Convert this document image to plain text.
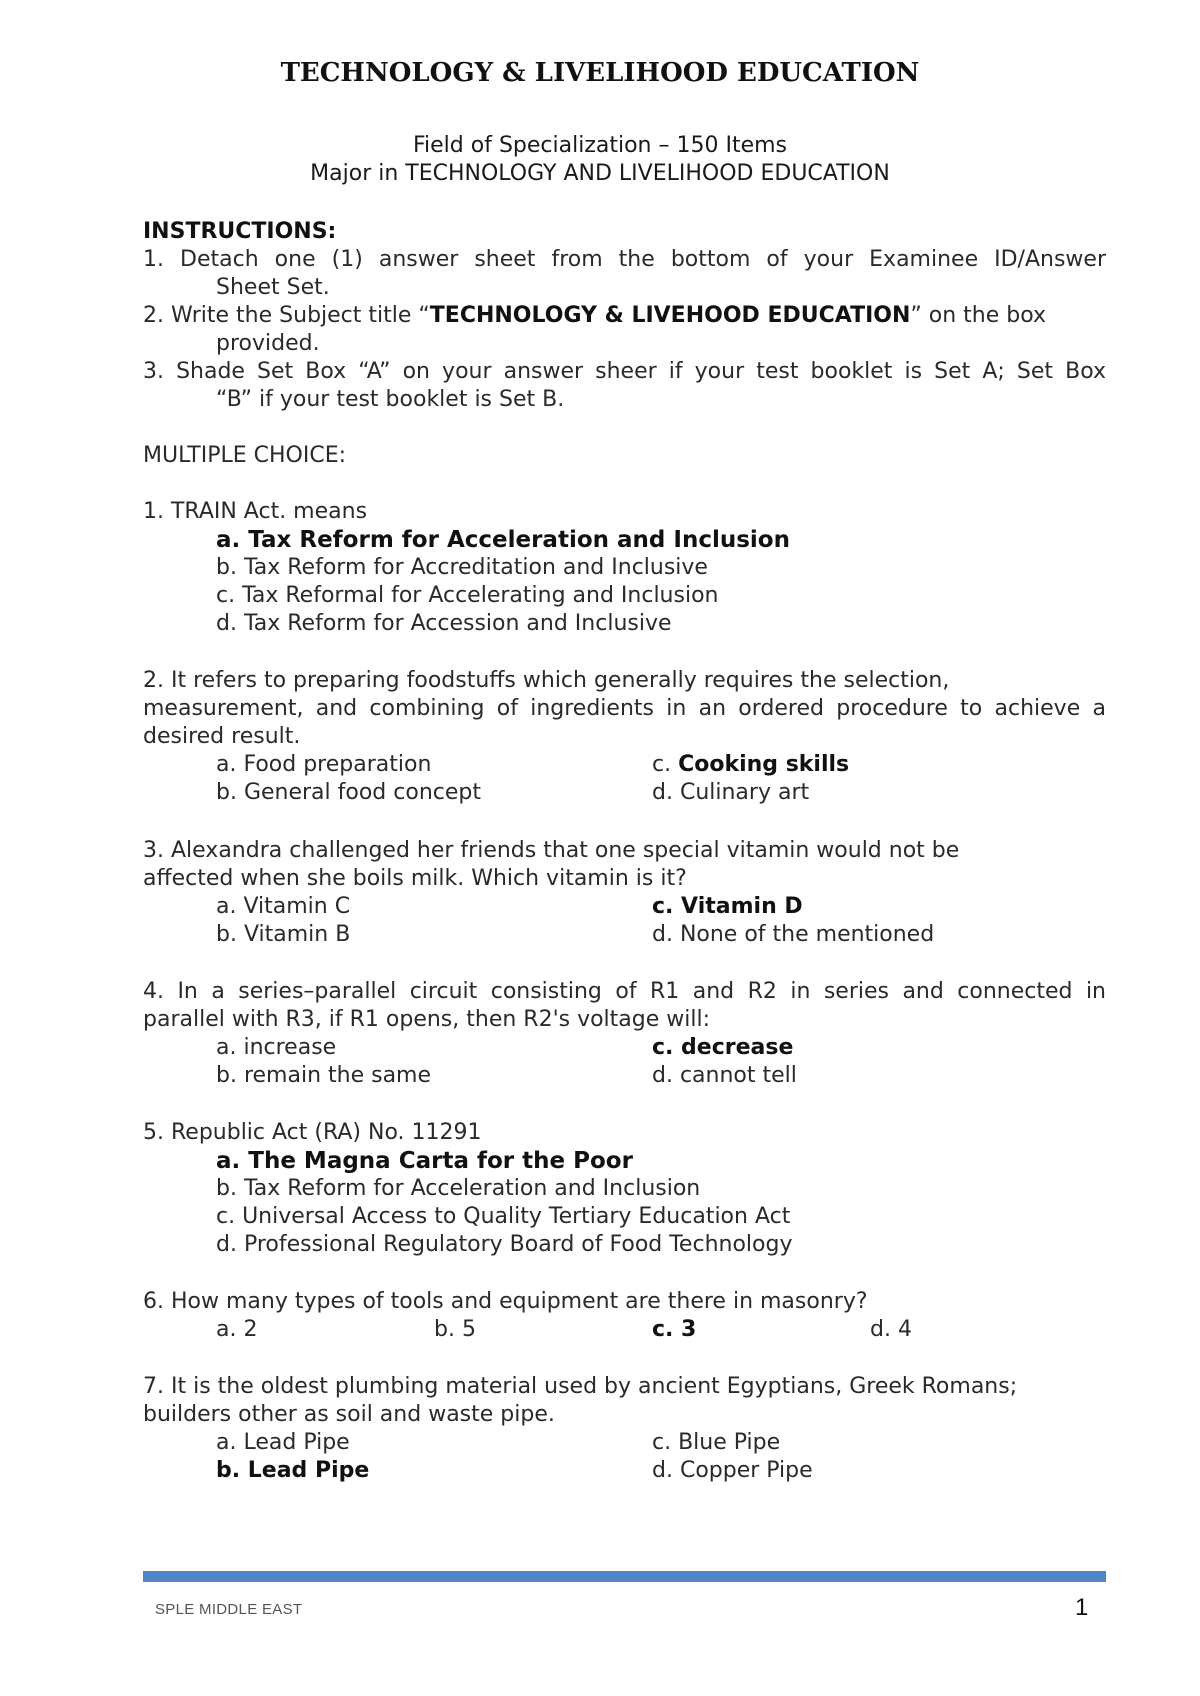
TECHNOLOGY & LIVELIHOOD EDUCATION
Field of Specialization – 150 Items
Major in TECHNOLOGY AND LIVELIHOOD EDUCATION
INSTRUCTIONS:
1. Detach one (1) answer sheet from the bottom of your Examinee ID/Answer
Sheet Set.
2. Write the Subject title “TECHNOLOGY & LIVEHOOD EDUCATION” on the box
provided.
3. Shade Set Box “A” on your answer sheer if your test booklet is Set A; Set Box
“B” if your test booklet is Set B.
MULTIPLE CHOICE:
1. TRAIN Act. means
a. Tax Reform for Acceleration and Inclusion
b. Tax Reform for Accreditation and Inclusive
c. Tax Reformal for Accelerating and Inclusion
d. Tax Reform for Accession and Inclusive
2. It refers to preparing foodstuffs which generally requires the selection,
measurement, and combining of ingredients in an ordered procedure to achieve a
desired result.
a. Food preparation
b. General food concept
c. Cooking skills
d. Culinary art
3. Alexandra challenged her friends that one special vitamin would not be
affected when she boils milk. Which vitamin is it?
a. Vitamin C
b. Vitamin B
c. Vitamin D
d. None of the mentioned
4. In a series–parallel circuit consisting of R1 and R2 in series and connected in
parallel with R3, if R1 opens, then R2's voltage will:
a. increase
b. remain the same
c. decrease
d. cannot tell
5. Republic Act (RA) No. 11291
a. The Magna Carta for the Poor
b. Tax Reform for Acceleration and Inclusion
c. Universal Access to Quality Tertiary Education Act
d. Professional Regulatory Board of Food Technology
6. How many types of tools and equipment are there in masonry?
a. 2	b. 5	c. 3	d. 4
7. It is the oldest plumbing material used by ancient Egyptians, Greek Romans;
builders other as soil and waste pipe.
a. Lead Pipe
b. Lead Pipe
c. Blue Pipe
d. Copper Pipe
SPLE MIDDLE EAST	1
